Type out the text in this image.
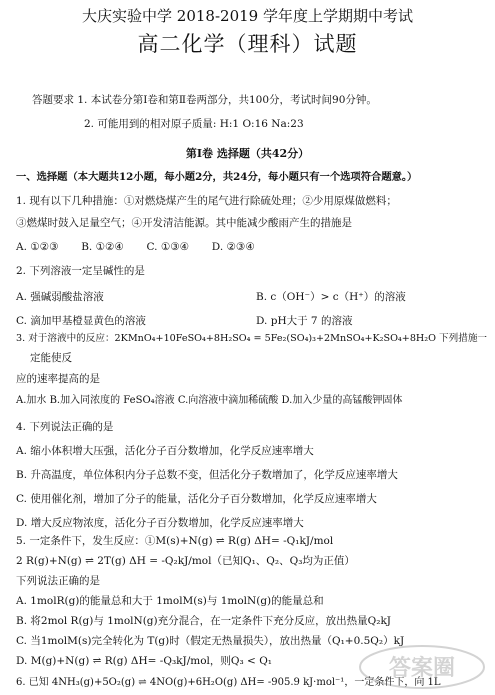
大庆实验中学 2018-2019 学年度上学期期中考试
高二化学（理科）试题
答题要求 1. 本试卷分第Ⅰ卷和第Ⅱ卷两部分，共100分，考试时间90分钟。
2. 可能用到的相对原子质量: H:1 O:16 Na:23
第Ⅰ卷 选择题（共42分）
一、选择题（本大题共12小题，每小题2分，共24分，每小题只有一个选项符合题意。）
1. 现有以下几种措施：①对燃烧煤产生的尾气进行除硫处理；②少用原煤做燃料；
③燃煤时鼓入足量空气；④开发清洁能源。其中能减少酸雨产生的措施是
A. ①②③ B. ①②④ C. ①③④ D. ②③④
2. 下列溶液一定呈碱性的是
A. 强碱弱酸盐溶液	B. c（OH⁻）> c（H⁺）的溶液
C. 滴加甲基橙显黄色的溶液	D. pH大于 7 的溶液
3. 对于溶液中的反应：2KMnO₄+10FeSO₄+8H₂SO₄ = 5Fe₂(SO₄)₃+2MnSO₄+K₂SO₄+8H₂O 下列措施一
定能使反
应的速率提高的是
A.加水 B.加入同浓度的 FeSO₄溶液 C.向溶液中滴加稀硫酸 D.加入少量的高锰酸钾固体
4. 下列说法正确的是
A. 缩小体积增大压强，活化分子百分数增加，化学反应速率增大
B. 升高温度，单位体积内分子总数不变，但活化分子数增加了，化学反应速率增大
C. 使用催化剂，增加了分子的能量，活化分子百分数增加，化学反应速率增大
D. 增大反应物浓度，活化分子百分数增加，化学反应速率增大
5. 一定条件下，发生反应：①M(s)+N(g) ⇌ R(g) ΔH= -Q₁kJ/mol
2 R(g)+N(g) ⇌ 2T(g) ΔH = -Q₂kJ/mol（已知Q₁、Q₂、Q₃均为正值）
下列说法正确的是
A. 1molR(g)的能量总和大于 1molM(s)与 1molN(g)的能量总和
B. 将2mol R(g)与 1molN(g)充分混合，在一定条件下充分反应，放出热量Q₂kJ
C. 当1molM(s)完全转化为 T(g)时（假定无热量损失），放出热量（Q₁+0.5Q₂）kJ
D. M(g)+N(g) ⇌ R(g) ΔH= -Q₃kJ/mol，则Q₃ < Q₁
6. 已知 4NH₃(g)+5O₂(g) ⇌ 4NO(g)+6H₂O(g) ΔH= -905.9 kJ·mol⁻¹，一定条件下，向 1L
答案圈
